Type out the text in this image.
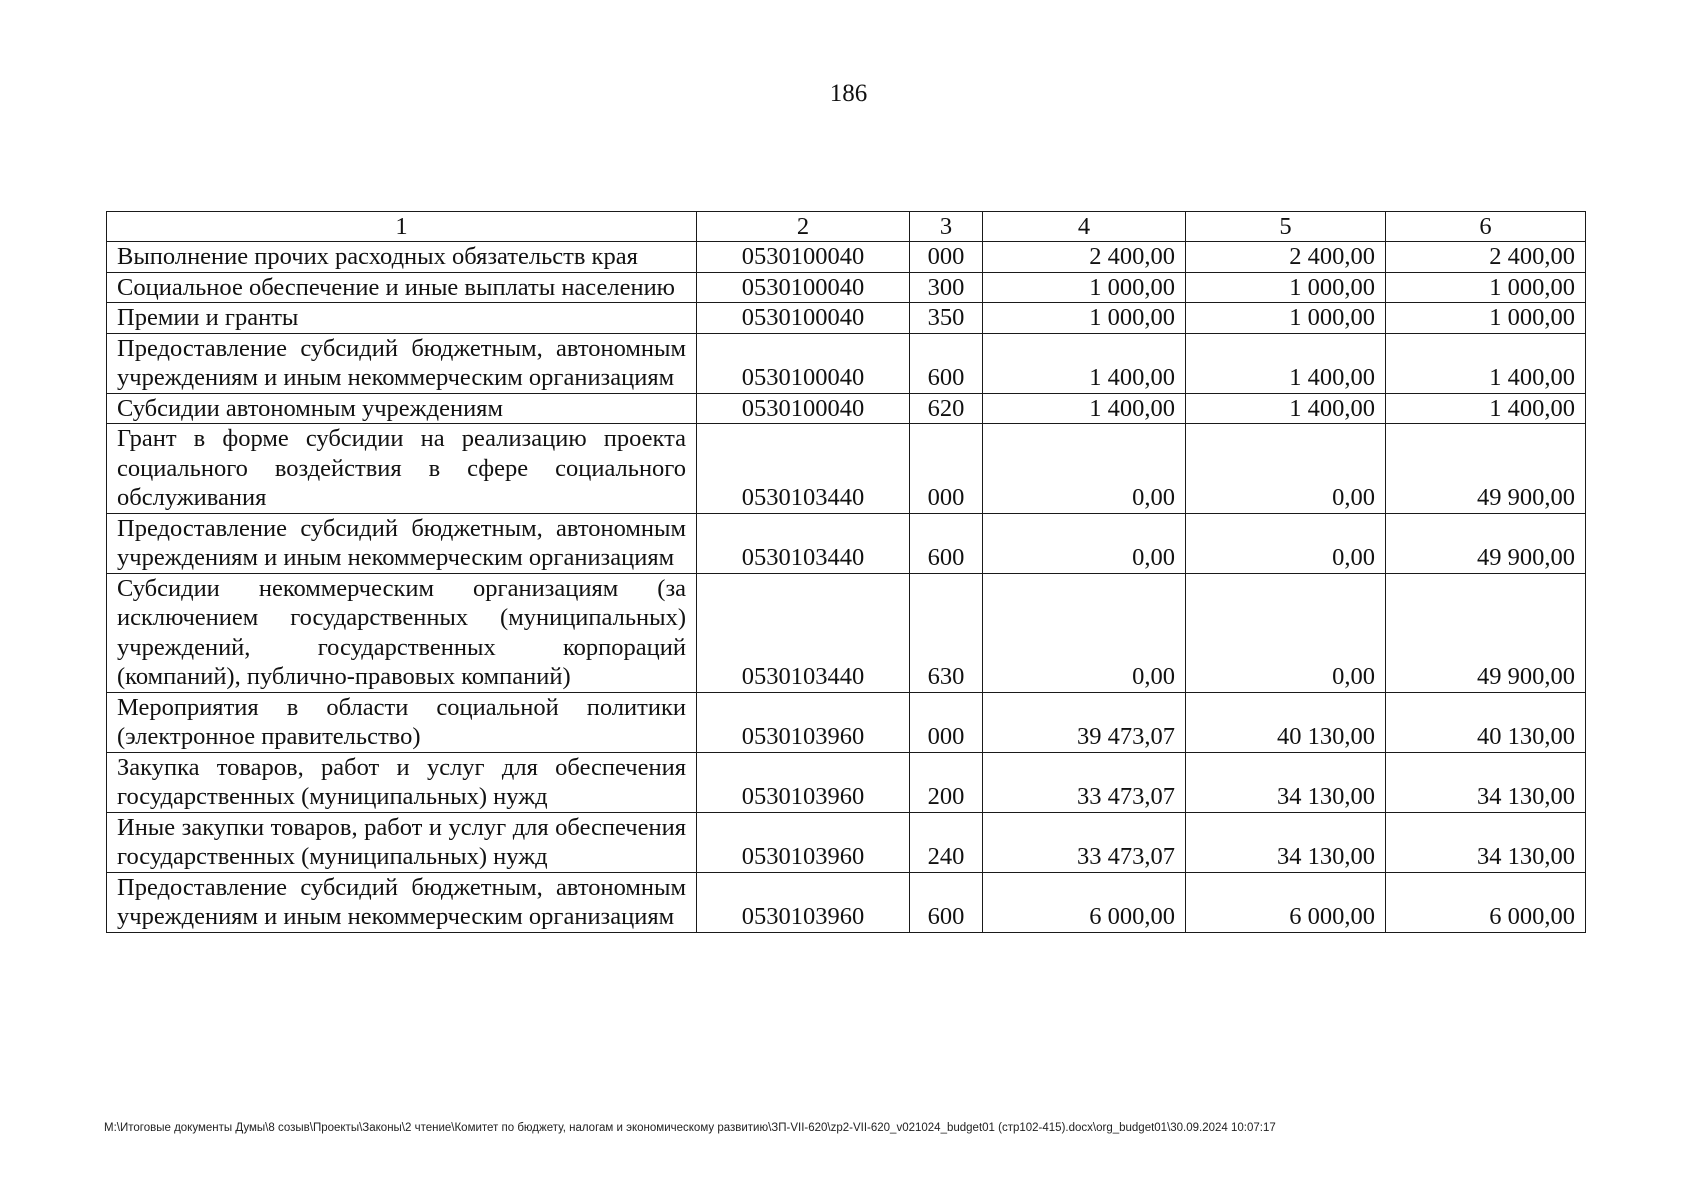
186
1	2	3	4	5	6
Выполнение прочих расходных обязательств края	0530100040	000	2 400,00	2 400,00	2 400,00
Социальное обеспечение и иные выплаты населению	0530100040	300	1 000,00	1 000,00	1 000,00
Премии и гранты	0530100040	350	1 000,00	1 000,00	1 000,00
Предоставление субсидий бюджетным, автономным учреждениям и иным некоммерческим организациям	0530100040	600	1 400,00	1 400,00	1 400,00
Субсидии автономным учреждениям	0530100040	620	1 400,00	1 400,00	1 400,00
Грант в форме субсидии на реализацию проекта социального воздействия в сфере социального обслуживания	0530103440	000	0,00	0,00	49 900,00
Предоставление субсидий бюджетным, автономным учреждениям и иным некоммерческим организациям	0530103440	600	0,00	0,00	49 900,00
Субсидии некоммерческим организациям (за исключением государственных (муниципальных) учреждений, государственных корпораций (компаний), публично-правовых компаний)	0530103440	630	0,00	0,00	49 900,00
Мероприятия в области социальной политики (электронное правительство)	0530103960	000	39 473,07	40 130,00	40 130,00
Закупка товаров, работ и услуг для обеспечения государственных (муниципальных) нужд	0530103960	200	33 473,07	34 130,00	34 130,00
Иные закупки товаров, работ и услуг для обеспечения государственных (муниципальных) нужд	0530103960	240	33 473,07	34 130,00	34 130,00
Предоставление субсидий бюджетным, автономным учреждениям и иным некоммерческим организациям	0530103960	600	6 000,00	6 000,00	6 000,00
M:\Итоговые документы Думы\8 созыв\Проекты\Законы\2 чтение\Комитет по бюджету, налогам и экономическому развитию\ЗП-VII-620\zp2-VII-620_v021024_budget01 (стр102-415).docx\org_budget01\30.09.2024 10:07:17
